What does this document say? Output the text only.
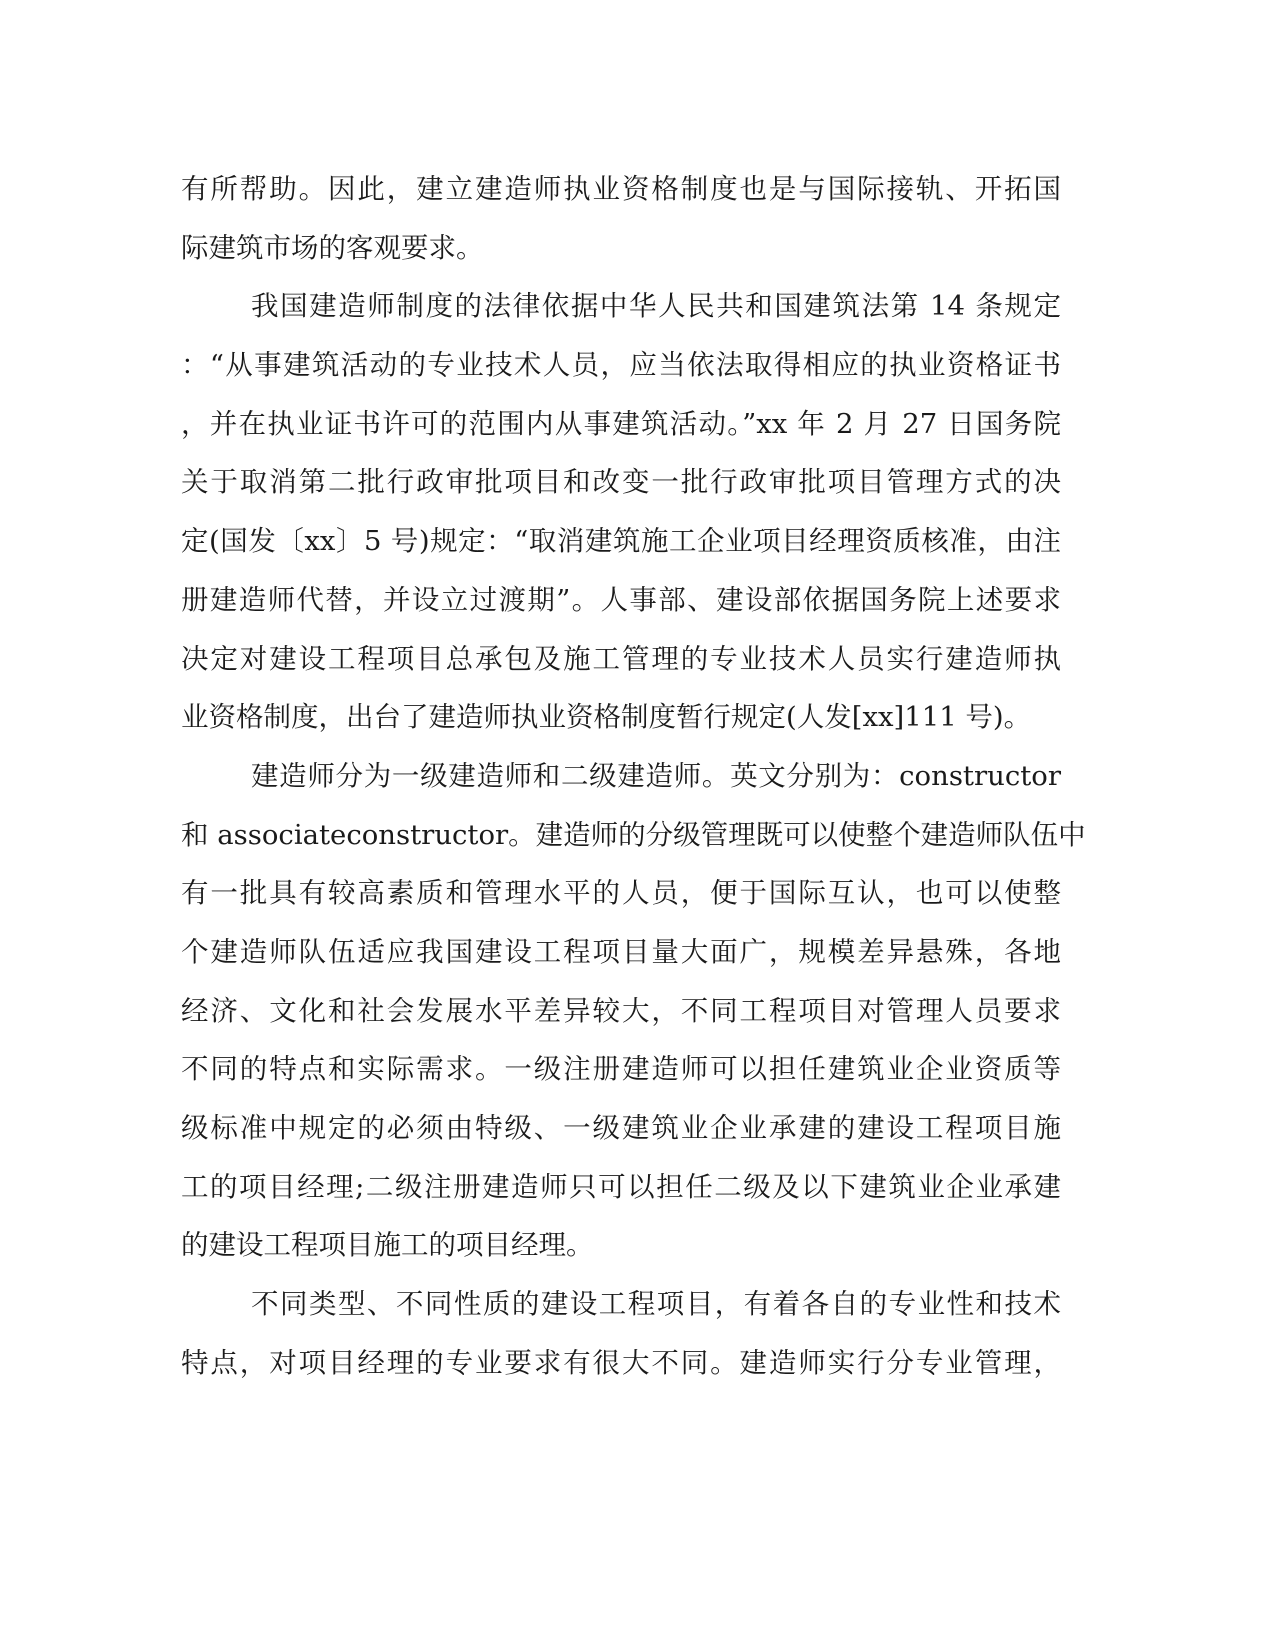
有所帮助。因此，建立建造师执业资格制度也是与国际接轨、开拓国
际建筑市场的客观要求。
我国建造师制度的法律依据中华人民共和国建筑法第 14 条规定
：“从事建筑活动的专业技术人员，应当依法取得相应的执业资格证书
，并在执业证书许可的范围内从事建筑活动。”xx 年 2 月 27 日国务院
关于取消第二批行政审批项目和改变一批行政审批项目管理方式的决
定(国发〔xx〕5 号)规定：“取消建筑施工企业项目经理资质核准，由注
册建造师代替，并设立过渡期”。人事部、建设部依据国务院上述要求
决定对建设工程项目总承包及施工管理的专业技术人员实行建造师执
业资格制度，出台了建造师执业资格制度暂行规定(人发[xx]111 号)。
建造师分为一级建造师和二级建造师。英文分别为：constructor
和 associateconstructor。建造师的分级管理既可以使整个建造师队伍中
有一批具有较高素质和管理水平的人员，便于国际互认，也可以使整
个建造师队伍适应我国建设工程项目量大面广，规模差异悬殊，各地
经济、文化和社会发展水平差异较大，不同工程项目对管理人员要求
不同的特点和实际需求。一级注册建造师可以担任建筑业企业资质等
级标准中规定的必须由特级、一级建筑业企业承建的建设工程项目施
工的项目经理;二级注册建造师只可以担任二级及以下建筑业企业承建
的建设工程项目施工的项目经理。
不同类型、不同性质的建设工程项目，有着各自的专业性和技术
特点，对项目经理的专业要求有很大不同。建造师实行分专业管理，
